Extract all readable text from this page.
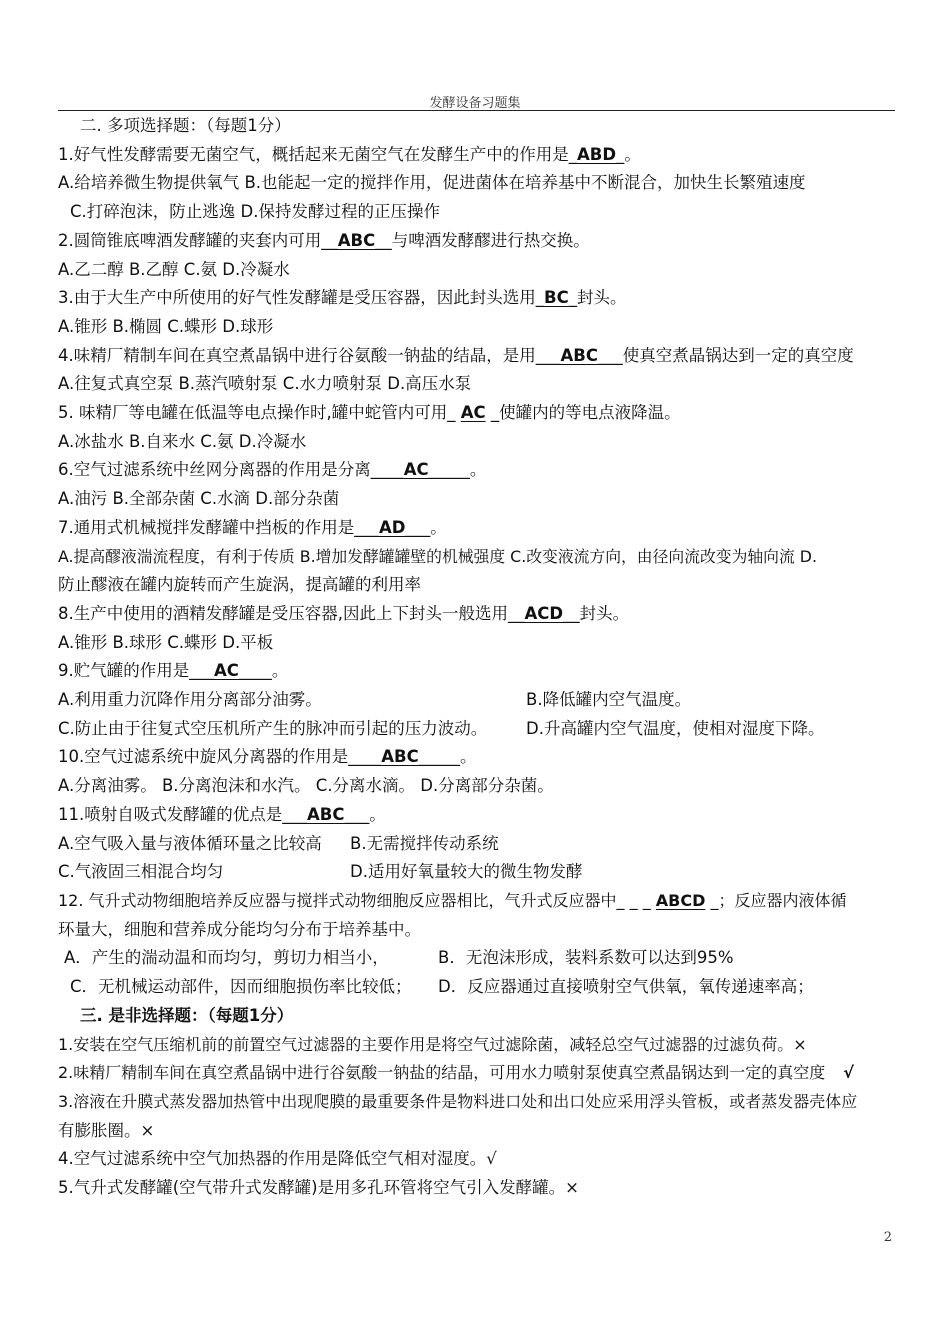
发酵设备习题集
二. 多项选择题：（每题1分）
1.好气性发酵需要无菌空气，概括起来无菌空气在发酵生产中的作用是_ABD_。
A.给培养微生物提供氧气 B.也能起一定的搅拌作用，促进菌体在培养基中不断混合，加快生长繁殖速度
C.打碎泡沫，防止逃逸 D.保持发酵过程的正压操作
2.圆筒锥底啤酒发酵罐的夹套内可用__ABC__与啤酒发酵醪进行热交换。
A.乙二醇 B.乙醇 C.氨 D.冷凝水
3.由于大生产中所使用的好气性发酵罐是受压容器，因此封头选用_BC_封头。
A.锥形 B.椭圆 C.蝶形 D.球形
4.味精厂精制车间在真空煮晶锅中进行谷氨酸一钠盐的结晶，是用___ABC___使真空煮晶锅达到一定的真空度
A.往复式真空泵 B.蒸汽喷射泵 C.水力喷射泵 D.高压水泵
5. 味精厂等电罐在低温等电点操作时,罐中蛇管内可用_ AC _使罐内的等电点液降温。
A.冰盐水 B.自来水 C.氨 D.冷凝水
6.空气过滤系统中丝网分离器的作用是分离____AC_____。
A.油污 B.全部杂菌 C.水滴 D.部分杂菌
7.通用式机械搅拌发酵罐中挡板的作用是___AD___。
A.提高醪液湍流程度，有利于传质 B.增加发酵罐罐壁的机械强度 C.改变液流方向，由径向流改变为轴向流 D.
防止醪液在罐内旋转而产生旋涡，提高罐的利用率
8.生产中使用的酒精发酵罐是受压容器,因此上下封头一般选用__ACD__封头。
A.锥形 B.球形 C.蝶形 D.平板
9.贮气罐的作用是___AC____。
A.利用重力沉降作用分离部分油雾。	B.降低罐内空气温度。
C.防止由于往复式空压机所产生的脉冲而引起的压力波动。 D.升高罐内空气温度，使相对湿度下降。
10.空气过滤系统中旋风分离器的作用是____ABC_____。
A.分离油雾。 B.分离泡沫和水汽。 C.分离水滴。 D.分离部分杂菌。
11.喷射自吸式发酵罐的优点是___ABC___。
A.空气吸入量与液体循环量之比较高 B.无需搅拌传动系统
C.气液固三相混合均匀	D.适用好氧量较大的微生物发酵
12. 气升式动物细胞培养反应器与搅拌式动物细胞反应器相比，气升式反应器中_ _ _ ABCD _；反应器内液体循
环量大，细胞和营养成分能均匀分布于培养基中。
A．产生的湍动温和而均匀，剪切力相当小，	B．无泡沫形成，装料系数可以达到95%
C．无机械运动部件，因而细胞损伤率比较低； D．反应器通过直接喷射空气供氧，氧传递速率高；
三. 是非选择题：（每题1分）
1.安装在空气压缩机前的前置空气过滤器的主要作用是将空气过滤除菌，减轻总空气过滤器的过滤负荷。×
2.味精厂精制车间在真空煮晶锅中进行谷氨酸一钠盐的结晶，可用水力喷射泵使真空煮晶锅达到一定的真空度 √
3.溶液在升膜式蒸发器加热管中出现爬膜的最重要条件是物料进口处和出口处应采用浮头管板，或者蒸发器壳体应
有膨胀圈。×
4.空气过滤系统中空气加热器的作用是降低空气相对湿度。√
5.气升式发酵罐(空气带升式发酵罐)是用多孔环管将空气引入发酵罐。×
2
